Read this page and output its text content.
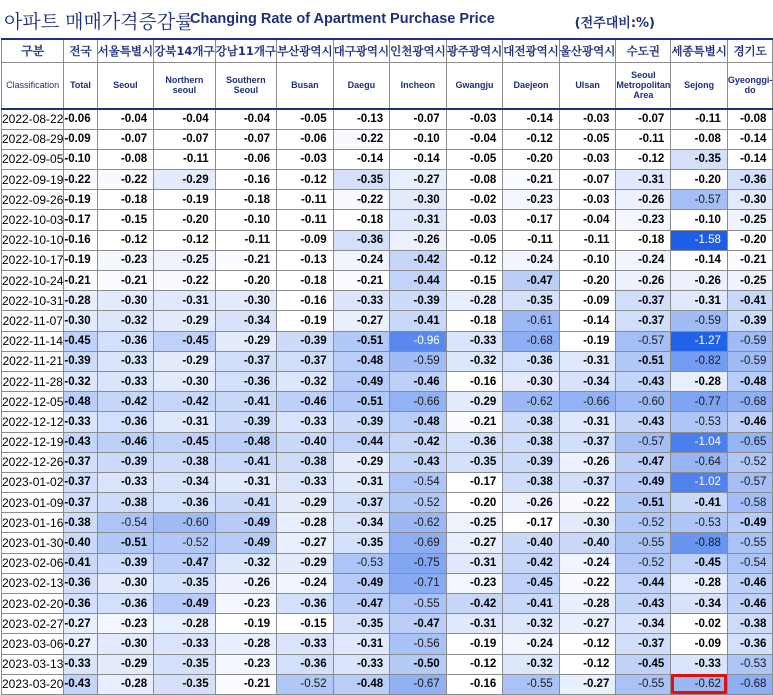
아파트 매매가격증감률
Changing Rate of Apartment Purchase Price	(전주대비:%)
구분	전국	서울특별시	강북14개구	강남11개구	부산광역시	대구광역시	인천광역시	광주광역시	대전광역시	울산광역시	수도권	세종특별시	경기도
Classification	Total	Seoul	Northern seoul	Southern Seoul	Busan	Daegu	Incheon	Gwangju	Daejeon	Ulsan	Seoul Metropolitan Area	Sejong	Gyeonggi-do
2022-08-22	-0.06	-0.04	-0.04	-0.04	-0.05	-0.13	-0.07	-0.03	-0.14	-0.03	-0.07	-0.11	-0.08
2022-08-29	-0.09	-0.07	-0.07	-0.07	-0.06	-0.22	-0.10	-0.04	-0.12	-0.05	-0.11	-0.08	-0.14
2022-09-05	-0.10	-0.08	-0.11	-0.06	-0.03	-0.14	-0.14	-0.05	-0.20	-0.03	-0.12	-0.35	-0.14
2022-09-19	-0.22	-0.22	-0.29	-0.16	-0.12	-0.35	-0.27	-0.08	-0.21	-0.07	-0.31	-0.20	-0.36
2022-09-26	-0.19	-0.18	-0.19	-0.18	-0.11	-0.22	-0.30	-0.02	-0.23	-0.03	-0.26	-0.57	-0.30
2022-10-03	-0.17	-0.15	-0.20	-0.10	-0.11	-0.18	-0.31	-0.03	-0.17	-0.04	-0.23	-0.10	-0.25
2022-10-10	-0.16	-0.12	-0.12	-0.11	-0.09	-0.36	-0.26	-0.05	-0.11	-0.11	-0.18	-1.58	-0.20
2022-10-17	-0.19	-0.23	-0.25	-0.21	-0.13	-0.24	-0.42	-0.12	-0.24	-0.10	-0.24	-0.14	-0.21
2022-10-24	-0.21	-0.21	-0.22	-0.20	-0.18	-0.21	-0.44	-0.15	-0.47	-0.20	-0.26	-0.26	-0.25
2022-10-31	-0.28	-0.30	-0.31	-0.30	-0.16	-0.33	-0.39	-0.28	-0.35	-0.09	-0.37	-0.31	-0.41
2022-11-07	-0.30	-0.32	-0.29	-0.34	-0.19	-0.27	-0.41	-0.18	-0.61	-0.14	-0.37	-0.59	-0.39
2022-11-14	-0.45	-0.36	-0.45	-0.29	-0.39	-0.51	-0.96	-0.33	-0.68	-0.19	-0.57	-1.27	-0.59
2022-11-21	-0.39	-0.33	-0.29	-0.37	-0.37	-0.48	-0.59	-0.32	-0.36	-0.31	-0.51	-0.82	-0.59
2022-11-28	-0.32	-0.33	-0.30	-0.36	-0.32	-0.49	-0.46	-0.16	-0.30	-0.34	-0.43	-0.28	-0.48
2022-12-05	-0.48	-0.42	-0.42	-0.41	-0.46	-0.51	-0.66	-0.29	-0.62	-0.66	-0.60	-0.77	-0.68
2022-12-12	-0.33	-0.36	-0.31	-0.39	-0.33	-0.39	-0.48	-0.21	-0.38	-0.31	-0.43	-0.53	-0.46
2022-12-19	-0.43	-0.46	-0.45	-0.48	-0.40	-0.44	-0.42	-0.36	-0.38	-0.37	-0.57	-1.04	-0.65
2022-12-26	-0.37	-0.39	-0.38	-0.41	-0.38	-0.29	-0.43	-0.35	-0.39	-0.26	-0.47	-0.64	-0.52
2023-01-02	-0.37	-0.33	-0.34	-0.31	-0.33	-0.31	-0.54	-0.17	-0.38	-0.37	-0.49	-1.02	-0.57
2023-01-09	-0.37	-0.38	-0.36	-0.41	-0.29	-0.37	-0.52	-0.20	-0.26	-0.22	-0.51	-0.41	-0.58
2023-01-16	-0.38	-0.54	-0.60	-0.49	-0.28	-0.34	-0.62	-0.25	-0.17	-0.30	-0.52	-0.53	-0.49
2023-01-30	-0.40	-0.51	-0.52	-0.49	-0.27	-0.35	-0.69	-0.27	-0.40	-0.40	-0.55	-0.88	-0.55
2023-02-06	-0.41	-0.39	-0.47	-0.32	-0.29	-0.53	-0.75	-0.31	-0.42	-0.24	-0.52	-0.45	-0.54
2023-02-13	-0.36	-0.30	-0.35	-0.26	-0.24	-0.49	-0.71	-0.23	-0.45	-0.22	-0.44	-0.28	-0.46
2023-02-20	-0.36	-0.36	-0.49	-0.23	-0.36	-0.47	-0.55	-0.42	-0.41	-0.28	-0.43	-0.34	-0.46
2023-02-27	-0.27	-0.23	-0.28	-0.19	-0.15	-0.35	-0.47	-0.31	-0.32	-0.27	-0.34	-0.02	-0.38
2023-03-06	-0.27	-0.30	-0.33	-0.28	-0.33	-0.31	-0.56	-0.19	-0.24	-0.12	-0.37	-0.09	-0.36
2023-03-13	-0.33	-0.29	-0.35	-0.23	-0.36	-0.33	-0.50	-0.12	-0.32	-0.12	-0.45	-0.33	-0.53
2023-03-20	-0.43	-0.28	-0.35	-0.21	-0.52	-0.48	-0.67	-0.16	-0.55	-0.27	-0.55	-0.62	-0.68
